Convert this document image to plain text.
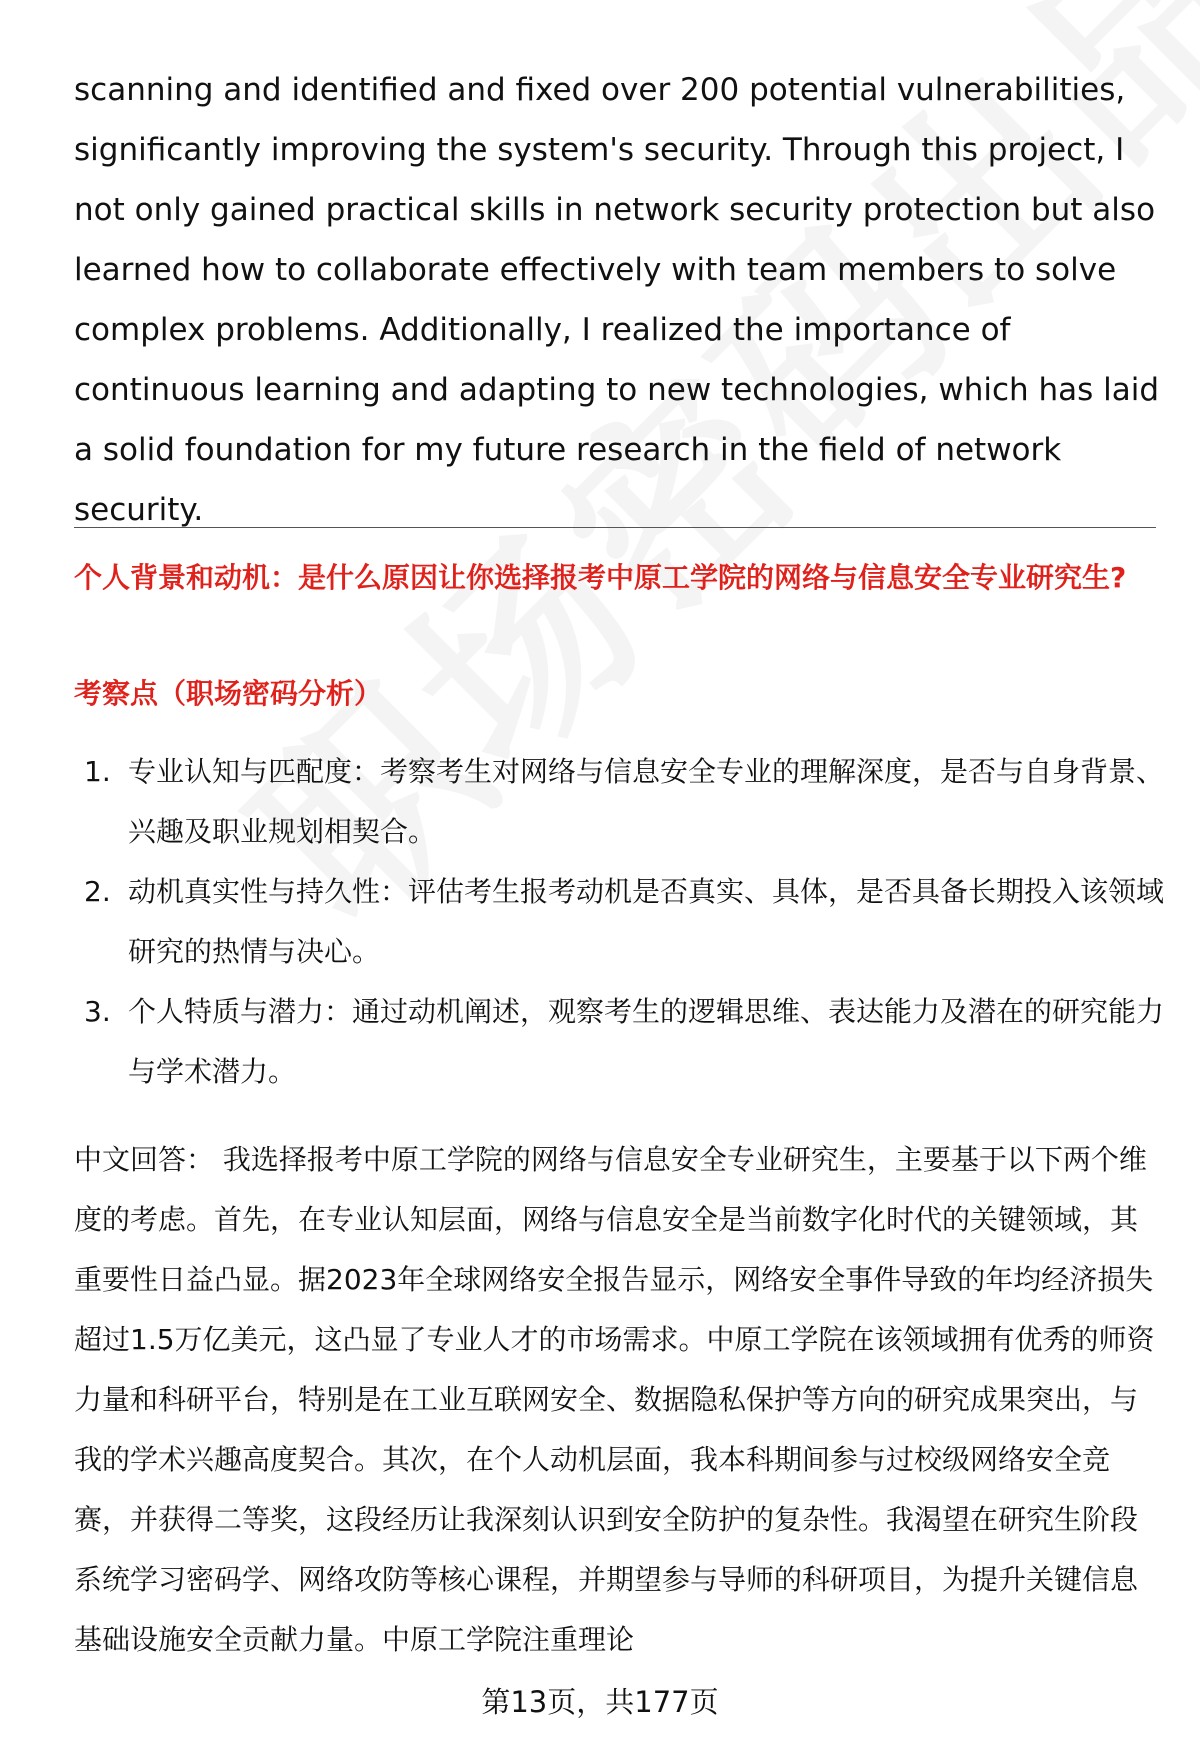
scanning and identified and fixed over 200 potential vulnerabilities, significantly improving the system's security. Through this project, I not only gained practical skills in network security protection but also learned how to collaborate effectively with team members to solve complex problems. Additionally, I realized the importance of continuous learning and adapting to new technologies, which has laid a solid foundation for my future research in the field of network security.
个人背景和动机：是什么原因让你选择报考中原工学院的网络与信息安全专业研究生?
考察点（职场密码分析）
1. 专业认知与匹配度：考察考生对网络与信息安全专业的理解深度，是否与自身背景、兴趣及职业规划相契合。
2. 动机真实性与持久性：评估考生报考动机是否真实、具体，是否具备长期投入该领域研究的热情与决心。
3. 个人特质与潜力：通过动机阐述，观察考生的逻辑思维、表达能力及潜在的研究能力与学术潜力。
中文回答： 我选择报考中原工学院的网络与信息安全专业研究生，主要基于以下两个维度的考虑。首先，在专业认知层面，网络与信息安全是当前数字化时代的关键领域，其重要性日益凸显。据2023年全球网络安全报告显示，网络安全事件导致的年均经济损失超过1.5万亿美元，这凸显了专业人才的市场需求。中原工学院在该领域拥有优秀的师资力量和科研平台，特别是在工业互联网安全、数据隐私保护等方向的研究成果突出，与我的学术兴趣高度契合。其次，在个人动机层面，我本科期间参与过校级网络安全竞赛，并获得二等奖，这段经历让我深刻认识到安全防护的复杂性。我渴望在研究生阶段系统学习密码学、网络攻防等核心课程，并期望参与导师的科研项目，为提升关键信息基础设施安全贡献力量。中原工学院注重理论
第13页，共177页
